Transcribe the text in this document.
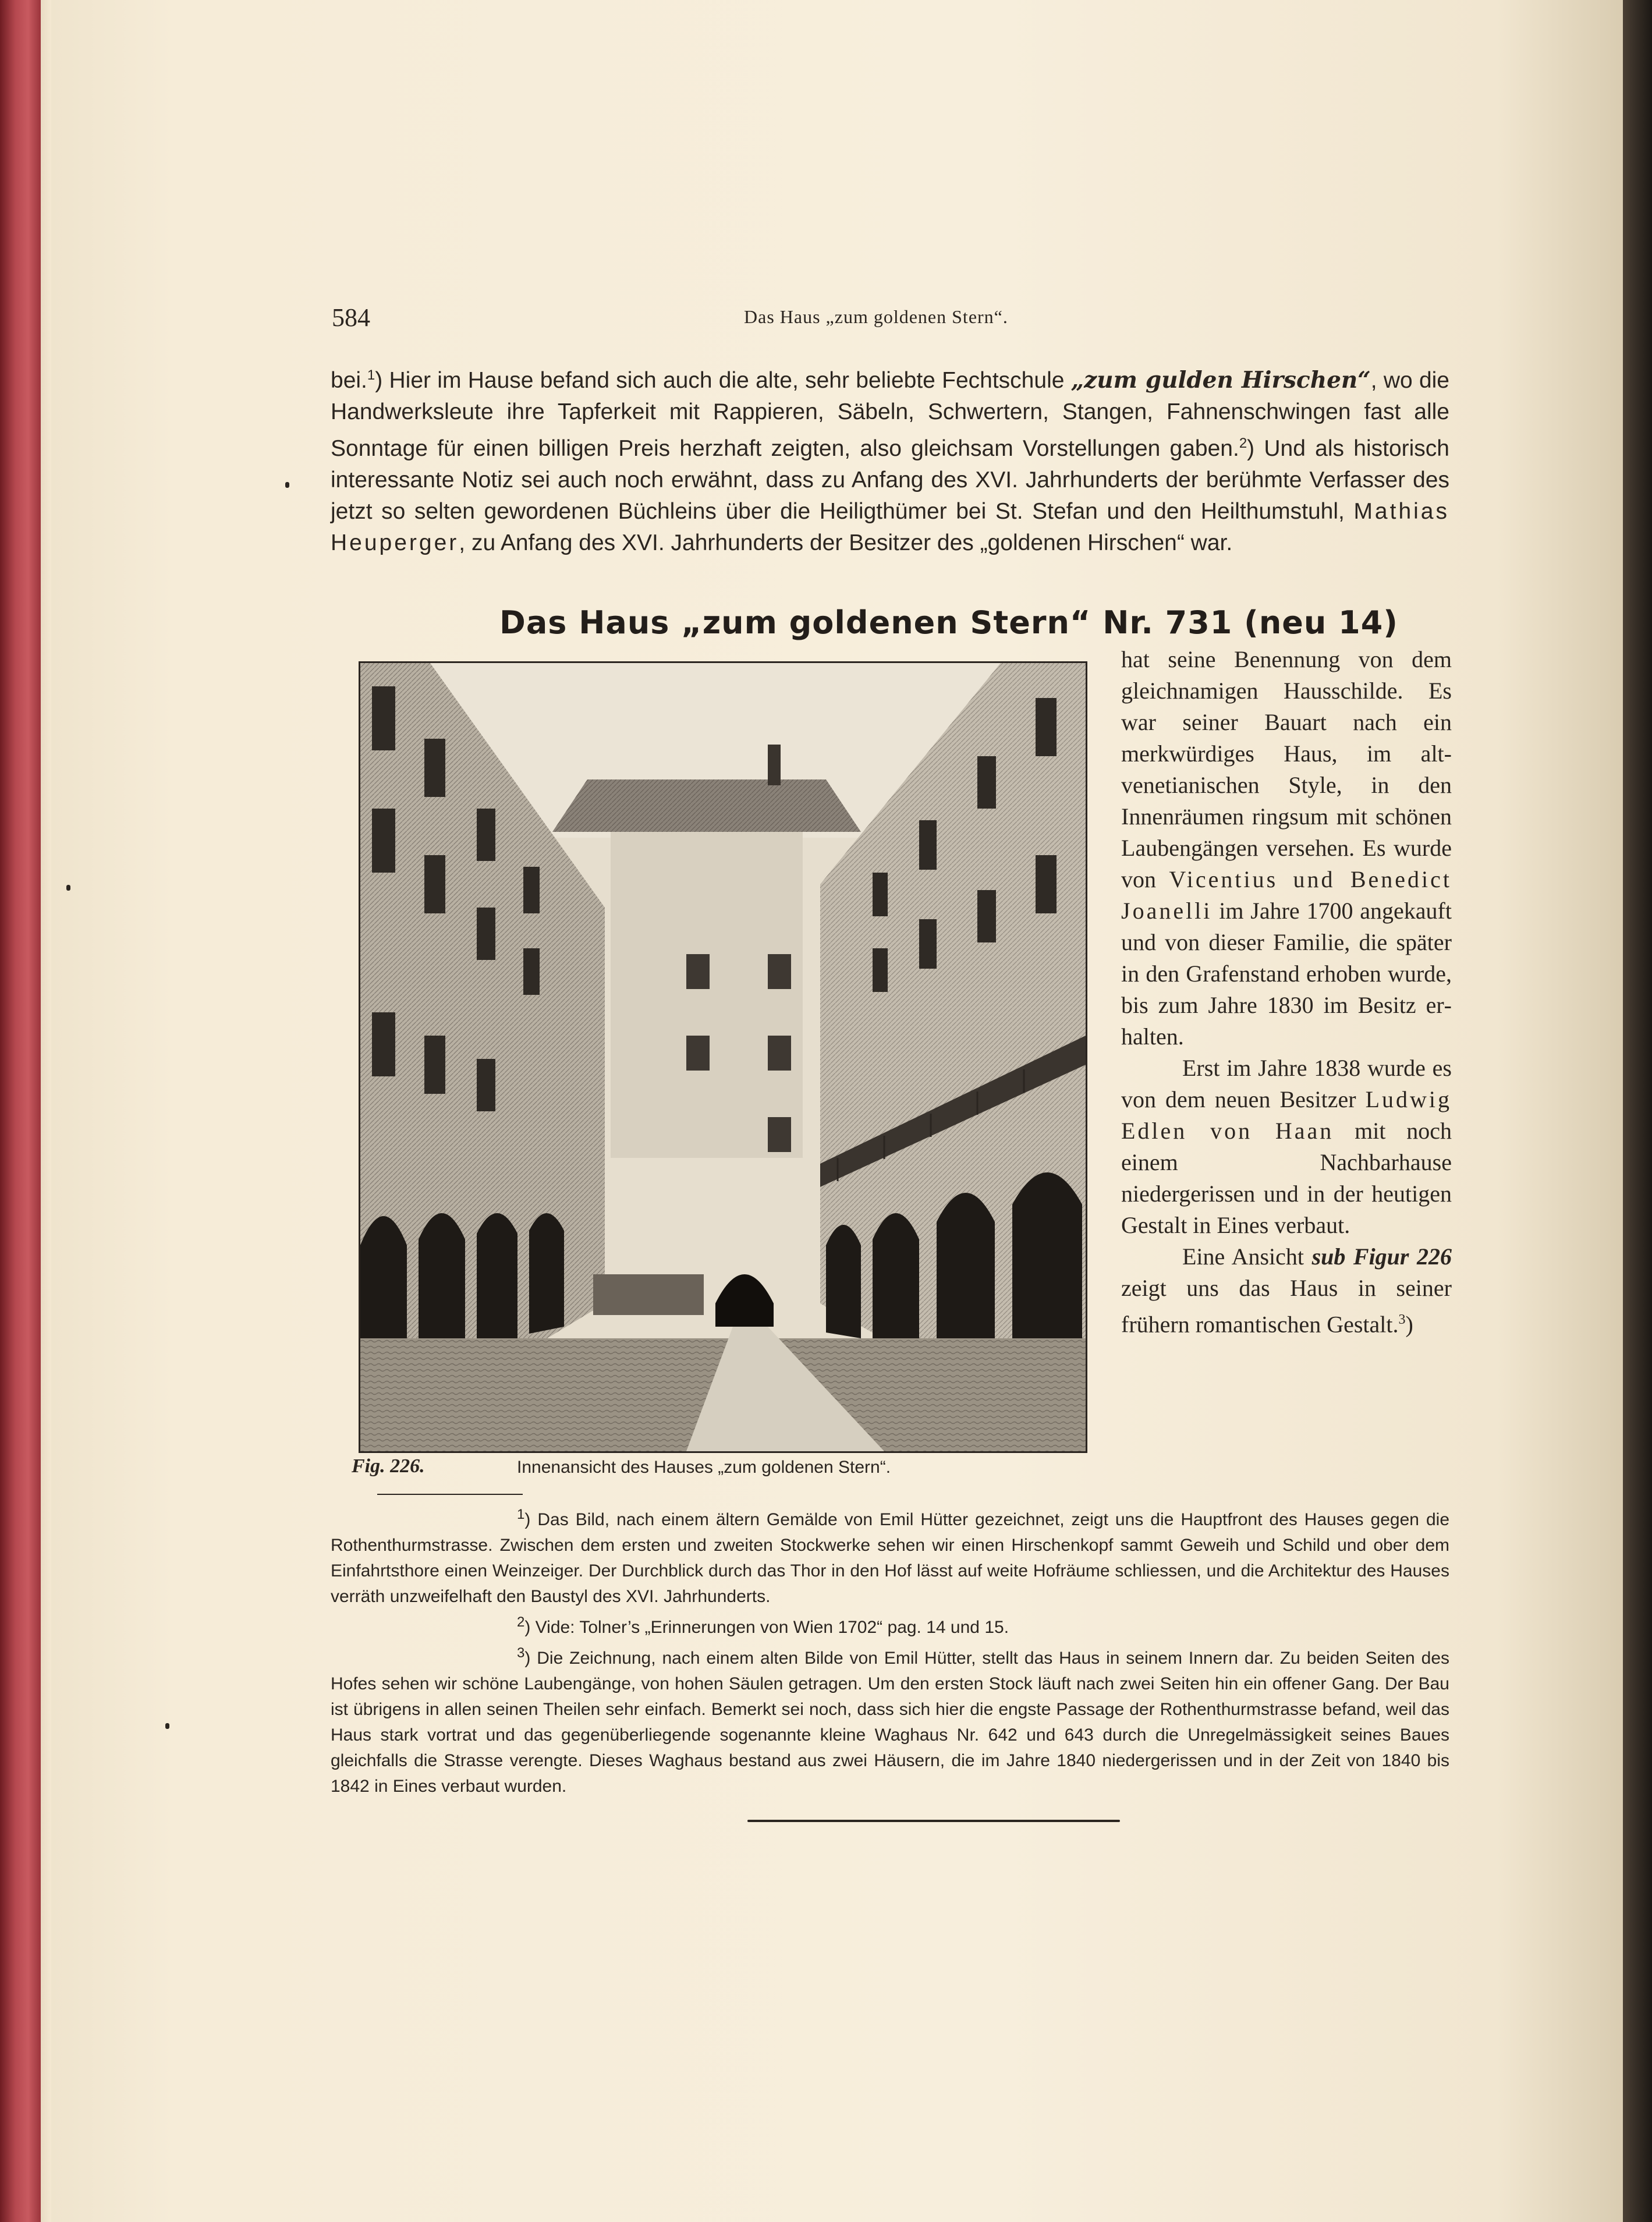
584	Das Haus „zum goldenen Stern“.
bei.$^1$) Hier im Hause befand sich auch die alte, sehr beliebte Fechtschule „zum gulden Hirschen“, wo die Handwerksleute ihre Tapferkeit mit Rappieren, Säbeln, Schwertern, Stangen, Fahnenschwingen fast alle Sonntage für einen billigen Preis herzhaft zeigten, also gleichsam Vorstellungen gaben.$^2$) Und als historisch interessante Notiz sei auch noch erwähnt, dass zu Anfang des XVI. Jahrhunderts der berühmte Verfasser des jetzt so selten gewordenen Büchleins über die Heiligthümer bei St. Stefan und den Heilthumstuhl, Mathias Heuperger, zu Anfang des XVI. Jahrhunderts der Besitzer des „goldenen Hirschen“ war.
Das Haus „zum goldenen Stern“ Nr. 731 (neu 14)

hat seine Benennung von dem gleichnamigen Hausschilde. Es war seiner Bauart nach ein merkwürdiges Haus, im altvenetianischen Style, in den Innenräumen ringsum mit schönen Laubengängen versehen. Es wurde von Vicentius und Benedict Joanelli im Jahre 1700 angekauft und von dieser Familie, die später in den Grafenstand erhoben wurde, bis zum Jahre 1830 im Besitz erhalten.

Erst im Jahre 1838 wurde es von dem neuen Besitzer Ludwig Edlen von Haan mit noch einem Nachbarhause niedergerissen und in der heutigen Gestalt in Eines verbaut.

Eine Ansicht sub Figur 226 zeigt uns das Haus in seiner frühern romantischen Gestalt.$^3$)

Fig. 226.	Innenansicht des Hauses „zum goldenen Stern“.

$^1$) Das Bild, nach einem ältern Gemälde von Emil Hütter gezeichnet, zeigt uns die Hauptfront des Hauses gegen die Rothenthurmstrasse. Zwischen dem ersten und zweiten Stockwerke sehen wir einen Hirschenkopf sammt Geweih und Schild und ober dem Einfahrtsthore einen Weinzeiger. Der Durchblick durch das Thor in den Hof lässt auf weite Hofräume schliessen, und die Architektur des Hauses verräth unzweifelhaft den Baustyl des XVI. Jahrhunderts.

$^2$) Vide: Tolner’s „Erinnerungen von Wien 1702“ pag. 14 und 15.

$^3$) Die Zeichnung, nach einem alten Bilde von Emil Hütter, stellt das Haus in seinem Innern dar. Zu beiden Seiten des Hofes sehen wir schöne Laubengänge, von hohen Säulen getragen. Um den ersten Stock läuft nach zwei Seiten hin ein offener Gang. Der Bau ist übrigens in allen seinen Theilen sehr einfach. Bemerkt sei noch, dass sich hier die engste Passage der Rothenthurmstrasse befand, weil das Haus stark vortrat und das gegenüberliegende sogenannte kleine Waghaus Nr. 642 und 643 durch die Unregelmässigkeit seines Baues gleichfalls die Strasse verengte. Dieses Waghaus bestand aus zwei Häusern, die im Jahre 1840 niedergerissen und in der Zeit von 1840 bis 1842 in Eines verbaut wurden.
